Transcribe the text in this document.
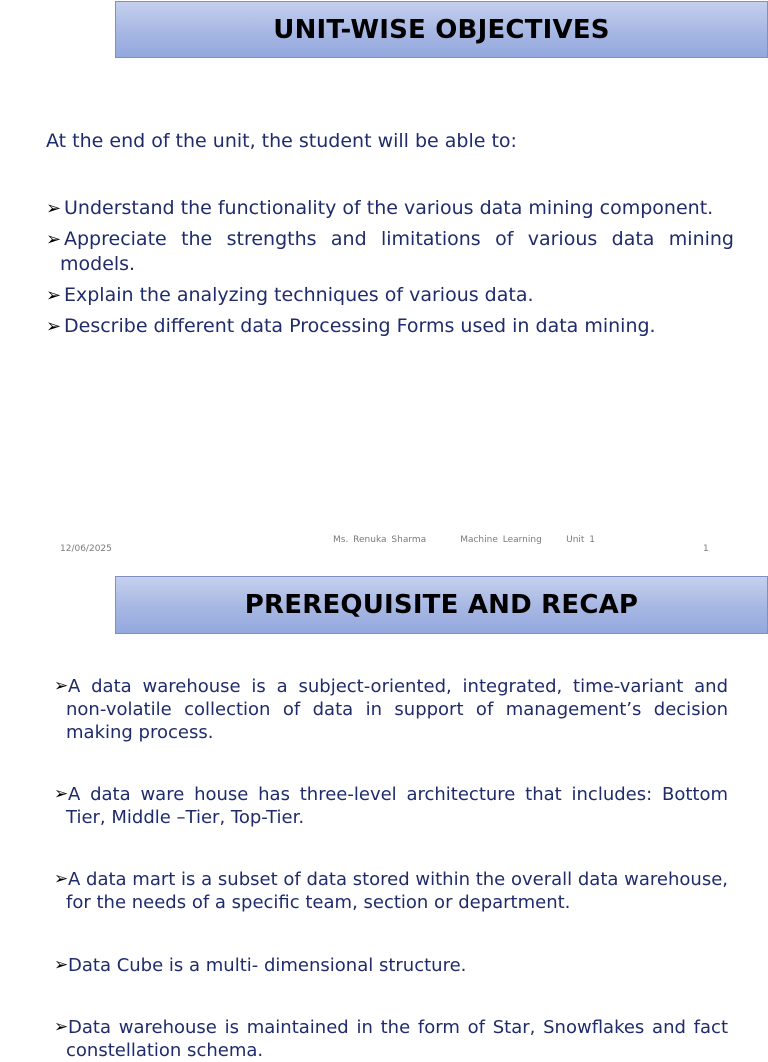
UNIT-WISE OBJECTIVES
At the end of the unit, the student will be able to:
➢ Understand the functionality of the various data mining component.
➢ Appreciate the strengths and limitations of various data mining models.
➢ Explain the analyzing techniques of various data.
➢ Describe different data Processing Forms used in data mining.
12/06/2025
Ms. Renuka Sharma	Machine Learning	Unit 1
1
PREREQUISITE AND RECAP
➢ A data warehouse is a subject-oriented, integrated, time-variant and non-volatile collection of data in support of management’s decision making process.
➢ A data ware house has three-level architecture that includes: Bottom Tier, Middle –Tier, Top-Tier.
➢ A data mart is a subset of data stored within the overall data warehouse, for the needs of a specific team, section or department.
➢ Data Cube is a multi- dimensional structure.
➢ Data warehouse is maintained in the form of Star, Snowflakes and fact constellation schema.
